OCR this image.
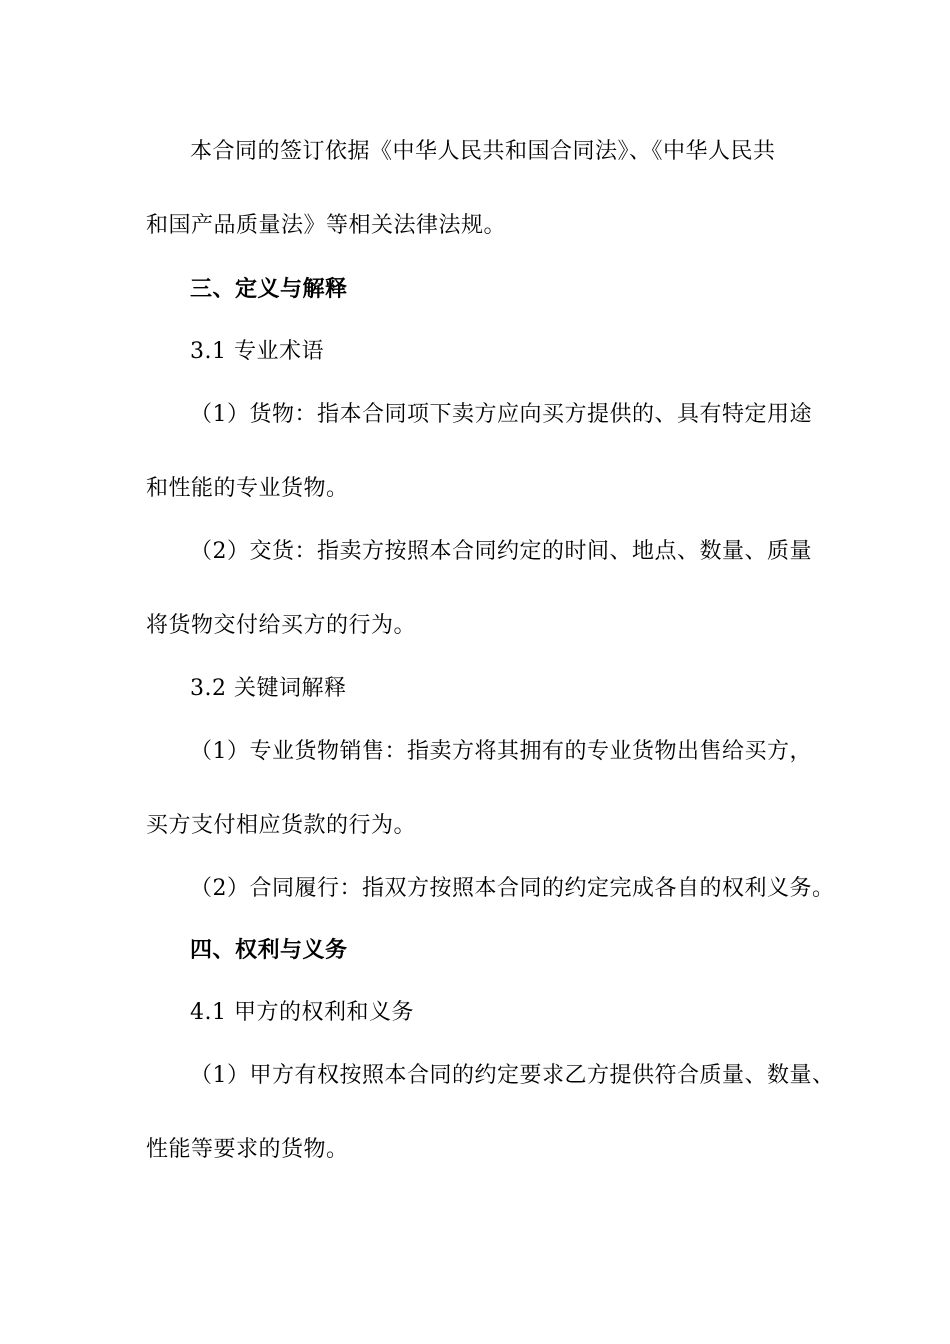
本合同的签订依据《中华人民共和国合同法》、《中华人民共
和国产品质量法》等相关法律法规。
三、定义与解释
3.1 专业术语
（1）货物：指本合同项下卖方应向买方提供的、具有特定用途
和性能的专业货物。
（2）交货：指卖方按照本合同约定的时间、地点、数量、质量
将货物交付给买方的行为。
3.2 关键词解释
（1）专业货物销售：指卖方将其拥有的专业货物出售给买方，
买方支付相应货款的行为。
（2）合同履行：指双方按照本合同的约定完成各自的权利义务。
四、权利与义务
4.1 甲方的权利和义务
（1）甲方有权按照本合同的约定要求乙方提供符合质量、数量、
性能等要求的货物。
